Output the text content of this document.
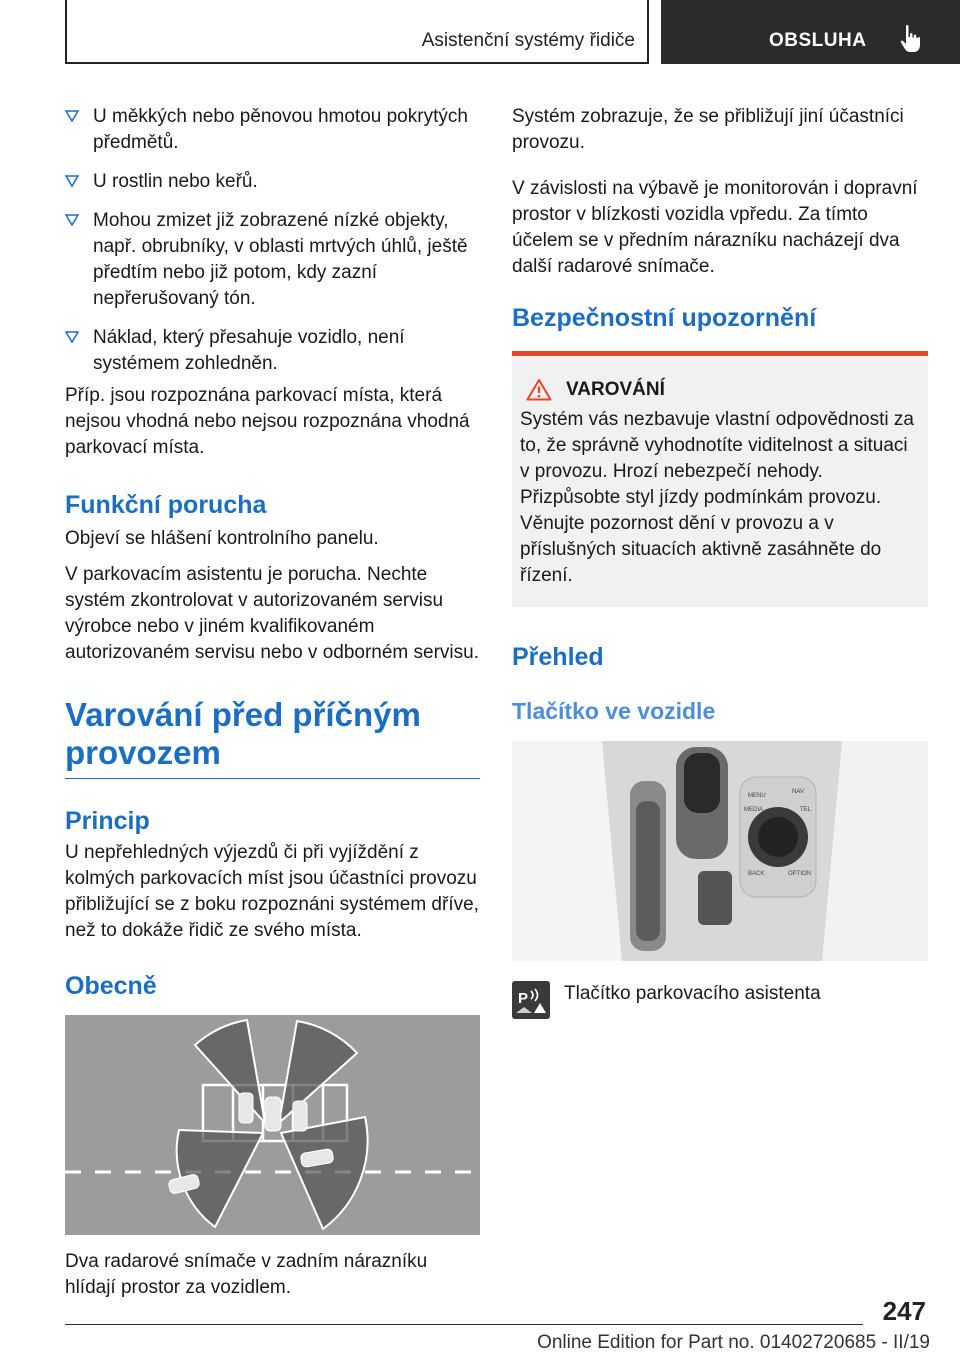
Asistenční systémy řidiče	OBSLUHA
U měkkých nebo pěnovou hmotou pokrytých předmětů.
U rostlin nebo keřů.
Mohou zmizet již zobrazené nízké objekty, např. obrubníky, v oblasti mrtvých úhlů, ještě předtím nebo již potom, kdy zazní nepřerušovaný tón.
Náklad, který přesahuje vozidlo, není systémem zohledněn.

Příp. jsou rozpoznána parkovací místa, která nejsou vhodná nebo nejsou rozpoznána vhodná parkovací místa.

Funkční porucha

Objeví se hlášení kontrolního panelu.

V parkovacím asistentu je porucha. Nechte systém zkontrolovat v autorizovaném servisu výrobce nebo v jiném kvalifikovaném autorizovaném servisu nebo v odborném servisu.

Varování před příčným provozem
Princip

U nepřehledných výjezdů či při vyjíždění z kolmých parkovacích míst jsou účastníci provozu přibližující se z boku rozpoznáni systémem dříve, než to dokáže řidič ze svého místa.

Obecně

Dva radarové snímače v zadním nárazníku hlídají prostor za vozidlem.

Systém zobrazuje, že se přibližují jiní účastníci provozu.

V závislosti na výbavě je monitorován i dopravní prostor v blízkosti vozidla vpředu. Za tímto účelem se v předním nárazníku nacházejí dva další radarové snímače.

Bezpečnostní upozornění
VAROVÁNÍ

Systém vás nezbavuje vlastní odpovědnosti za to, že správně vyhodnotíte viditelnost a situaci v provozu. Hrozí nebezpečí nehody. Přizpůsobte styl jízdy podmínkám provozu. Věnujte pozornost dění v provozu a v příslušných situacích aktivně zasáhněte do řízení.

Přehled
Tlačítko ve vozidle
MENU
NAV
MEDIA	TEL
BACK	OPTION
AUTO H
P Tlačítko parkovacího asistenta

247
Online Edition for Part no. 01402720685 - II/19
